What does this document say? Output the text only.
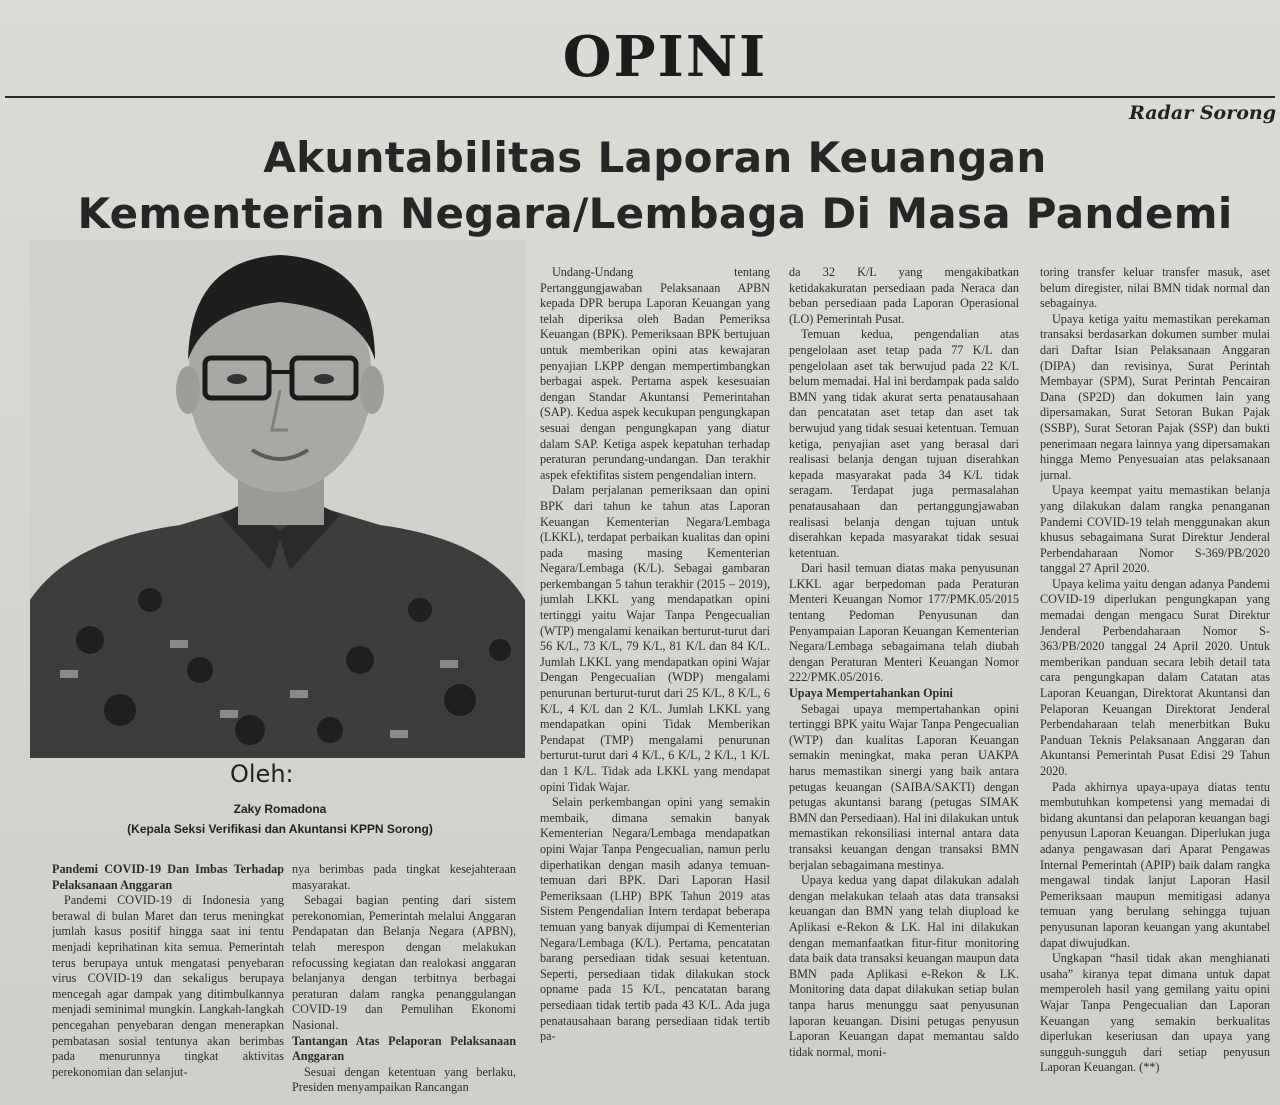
OPINI
Radar Sorong
Akuntabilitas Laporan Keuangan
Kementerian Negara/Lembaga Di Masa Pandemi
Oleh:
Zaky Romadona
(Kepala Seksi Verifikasi dan Akuntansi KPPN Sorong)
Pandemi COVID-19 Dan Imbas Terhadap Pelaksanaan Anggaran

Pandemi COVID-19 di Indonesia yang berawal di bulan Maret dan terus meningkat jumlah kasus positif hingga saat ini tentu menjadi keprihatinan kita semua. Pemerintah terus berupaya untuk mengatasi penyebaran virus COVID-19 dan sekaligus berupaya mencegah agar dampak yang ditimbulkannya menjadi seminimal mungkin. Langkah-langkah pencegahan penyebaran dengan menerapkan pembatasan sosial tentunya akan berimbas pada menurunnya tingkat aktivitas perekonomian dan selanjut-

nya berimbas pada tingkat kesejahteraan masyarakat.

Sebagai bagian penting dari sistem perekonomian, Pemerintah melalui Anggaran Pendapatan dan Belanja Negara (APBN), telah merespon dengan melakukan refocussing kegiatan dan realokasi anggaran belanjanya dengan terbitnya berbagai peraturan dalam rangka penanggulangan COVID-19 dan Pemulihan Ekonomi Nasional.

Tantangan Atas Pelaporan Pelaksanaan Anggaran

Sesuai dengan ketentuan yang berlaku, Presiden menyampaikan Rancangan

Undang-Undang tentang Pertanggungjawaban Pelaksanaan APBN kepada DPR berupa Laporan Keuangan yang telah diperiksa oleh Badan Pemeriksa Keuangan (BPK). Pemeriksaan BPK bertujuan untuk memberikan opini atas kewajaran penyajian LKPP dengan mempertimbangkan berbagai aspek. Pertama aspek kesesuaian dengan Standar Akuntansi Pemerintahan (SAP). Kedua aspek kecukupan pengungkapan sesuai dengan pengungkapan yang diatur dalam SAP. Ketiga aspek kepatuhan terhadap peraturan perundang-undangan. Dan terakhir aspek efektifitas sistem pengendalian intern.

Dalam perjalanan pemeriksaan dan opini BPK dari tahun ke tahun atas Laporan Keuangan Kementerian Negara/Lembaga (LKKL), terdapat perbaikan kualitas dan opini pada masing masing Kementerian Negara/Lembaga (K/L). Sebagai gambaran perkembangan 5 tahun terakhir (2015 – 2019), jumlah LKKL yang mendapatkan opini tertinggi yaitu Wajar Tanpa Pengecualian (WTP) mengalami kenaikan berturut-turut dari 56 K/L, 73 K/L, 79 K/L, 81 K/L dan 84 K/L. Jumlah LKKL yang mendapatkan opini Wajar Dengan Pengecualian (WDP) mengalami penurunan berturut-turut dari 25 K/L, 8 K/L, 6 K/L, 4 K/L dan 2 K/L. Jumlah LKKL yang mendapatkan opini Tidak Memberikan Pendapat (TMP) mengalami penurunan berturut-turut dari 4 K/L, 6 K/L, 2 K/L, 1 K/L dan 1 K/L. Tidak ada LKKL yang mendapat opini Tidak Wajar.

Selain perkembangan opini yang semakin membaik, dimana semakin banyak Kementerian Negara/Lembaga mendapatkan opini Wajar Tanpa Pengecualian, namun perlu diperhatikan dengan masih adanya temuan-temuan dari BPK. Dari Laporan Hasil Pemeriksaan (LHP) BPK Tahun 2019 atas Sistem Pengendalian Intern terdapat beberapa temuan yang banyak dijumpai di Kementerian Negara/Lembaga (K/L). Pertama, pencatatan barang persediaan tidak sesuai ketentuan. Seperti, persediaan tidak dilakukan stock opname pada 15 K/L, pencatatan barang persediaan tidak tertib pada 43 K/L. Ada juga penatausahaan barang persediaan tidak tertib pa-

da 32 K/L yang mengakibatkan ketidakakuratan persediaan pada Neraca dan beban persediaan pada Laporan Operasional (LO) Pemerintah Pusat.

Temuan kedua, pengendalian atas pengelolaan aset tetap pada 77 K/L dan pengelolaan aset tak berwujud pada 22 K/L belum memadai. Hal ini berdampak pada saldo BMN yang tidak akurat serta penatausahaan dan pencatatan aset tetap dan aset tak berwujud yang tidak sesuai ketentuan. Temuan ketiga, penyajian aset yang berasal dari realisasi belanja dengan tujuan diserahkan kepada masyarakat pada 34 K/L tidak seragam. Terdapat juga permasalahan penatausahaan dan pertanggungjawaban realisasi belanja dengan tujuan untuk diserahkan kepada masyarakat tidak sesuai ketentuan.

Dari hasil temuan diatas maka penyusunan LKKL agar berpedoman pada Peraturan Menteri Keuangan Nomor 177/PMK.05/2015 tentang Pedoman Penyusunan dan Penyampaian Laporan Keuangan Kementerian Negara/Lembaga sebagaimana telah diubah dengan Peraturan Menteri Keuangan Nomor 222/PMK.05/2016.

Upaya Mempertahankan Opini

Sebagai upaya mempertahankan opini tertinggi BPK yaitu Wajar Tanpa Pengecualian (WTP) dan kualitas Laporan Keuangan semakin meningkat, maka peran UAKPA harus memastikan sinergi yang baik antara petugas keuangan (SAIBA/SAKTI) dengan petugas akuntansi barang (petugas SIMAK BMN dan Persediaan). Hal ini dilakukan untuk memastikan rekonsiliasi internal antara data transaksi keuangan dengan transaksi BMN berjalan sebagaimana mestinya.

Upaya kedua yang dapat dilakukan adalah dengan melakukan telaah atas data transaksi keuangan dan BMN yang telah diupload ke Aplikasi e-Rekon & LK. Hal ini dilakukan dengan memanfaatkan fitur-fitur monitoring data baik data transaksi keuangan maupun data BMN pada Aplikasi e-Rekon & LK. Monitoring data dapat dilakukan setiap bulan tanpa harus menunggu saat penyusunan laporan keuangan. Disini petugas penyusun Laporan Keuangan dapat memantau saldo tidak normal, moni-

toring transfer keluar transfer masuk, aset belum diregister, nilai BMN tidak normal dan sebagainya.

Upaya ketiga yaitu memastikan perekaman transaksi berdasarkan dokumen sumber mulai dari Daftar Isian Pelaksanaan Anggaran (DIPA) dan revisinya, Surat Perintah Membayar (SPM), Surat Perintah Pencairan Dana (SP2D) dan dokumen lain yang dipersamakan, Surat Setoran Bukan Pajak (SSBP), Surat Setoran Pajak (SSP) dan bukti penerimaan negara lainnya yang dipersamakan hingga Memo Penyesuaian atas pelaksanaan jurnal.

Upaya keempat yaitu memastikan belanja yang dilakukan dalam rangka penanganan Pandemi COVID-19 telah menggunakan akun khusus sebagaimana Surat Direktur Jenderal Perbendaharaan Nomor S-369/PB/2020 tanggal 27 April 2020.

Upaya kelima yaitu dengan adanya Pandemi COVID-19 diperlukan pengungkapan yang memadai dengan mengacu Surat Direktur Jenderal Perbendaharaan Nomor S-363/PB/2020 tanggal 24 April 2020. Untuk memberikan panduan secara lebih detail tata cara pengungkapan dalam Catatan atas Laporan Keuangan, Direktorat Akuntansi dan Pelaporan Keuangan Direktorat Jenderal Perbendaharaan telah menerbitkan Buku Panduan Teknis Pelaksanaan Anggaran dan Akuntansi Pemerintah Pusat Edisi 29 Tahun 2020.

Pada akhirnya upaya-upaya diatas tentu membutuhkan kompetensi yang memadai di bidang akuntansi dan pelaporan keuangan bagi penyusun Laporan Keuangan. Diperlukan juga adanya pengawasan dari Aparat Pengawas Internal Pemerintah (APIP) baik dalam rangka mengawal tindak lanjut Laporan Hasil Pemeriksaan maupun memitigasi adanya temuan yang berulang sehingga tujuan penyusunan laporan keuangan yang akuntabel dapat diwujudkan.

Ungkapan “hasil tidak akan menghianati usaha” kiranya tepat dimana untuk dapat memperoleh hasil yang gemilang yaitu opini Wajar Tanpa Pengecualian dan Laporan Keuangan yang semakin berkualitas diperlukan keseriusan dan upaya yang sungguh-sungguh dari setiap penyusun Laporan Keuangan. (**)
